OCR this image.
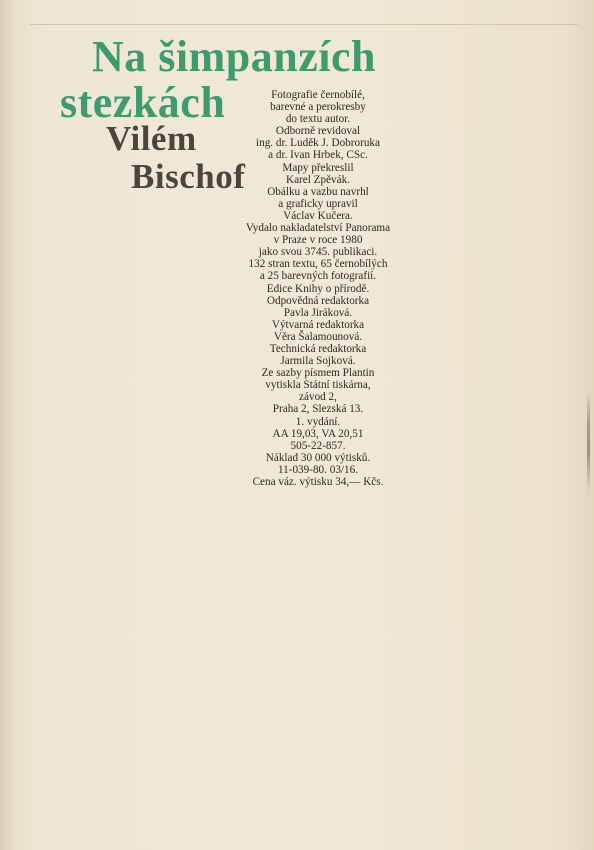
Na šimpanzích
stezkách
Vilém
Bischof
Fotografie černobílé,
barevné a perokresby
do textu autor.
Odborně revidoval
ing. dr. Luděk J. Dobroruka
a dr. Ivan Hrbek, CSc.
Mapy překreslil
Karel Zpěvák.
Obálku a vazbu navrhl
a graficky upravil
Václav Kučera.
Vydalo nakladatelství Panorama
v Praze v roce 1980
jako svou 3745. publikaci.
132 stran textu, 65 černobílých
a 25 barevných fotografií.
Edice Knihy o přírodě.
Odpovědná redaktorka
Pavla Jiráková.
Výtvarná redaktorka
Věra Šalamounová.
Technická redaktorka
Jarmila Sojková.
Ze sazby písmem Plantin
vytiskla Státní tiskárna,
závod 2,
Praha 2, Slezská 13.
1. vydání.
AA 19,03, VA 20,51
505-22-857.
Náklad 30 000 výtisků.
11-039-80. 03/16.
Cena váz. výtisku 34,— Kčs.
